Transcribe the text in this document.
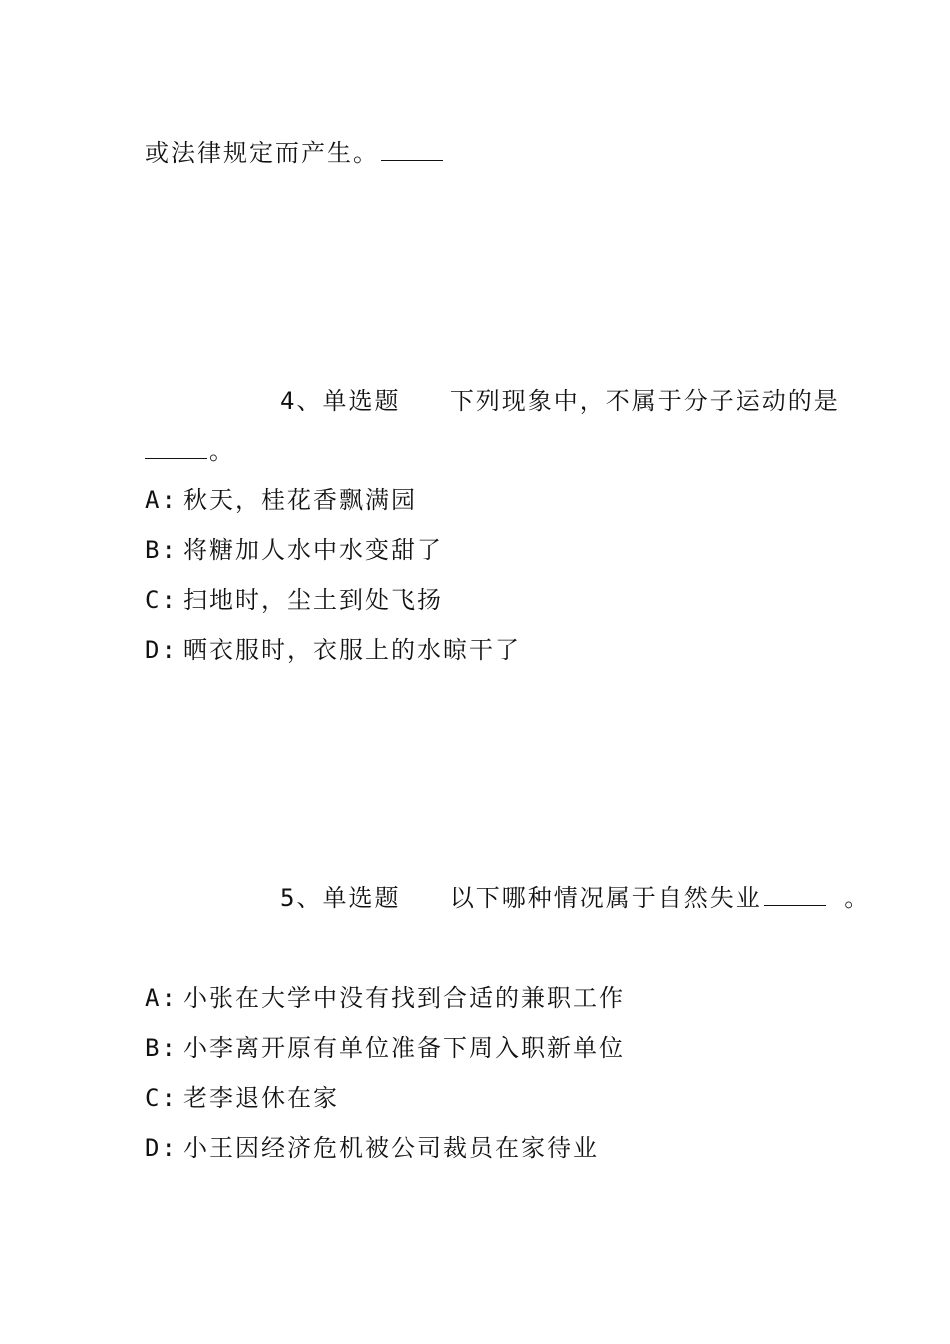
或法律规定而产生。
4、单选题 下列现象中，不属于分子运动的是
。
A: 秋天，桂花香飘满园
B: 将糖加人水中水变甜了
C: 扫地时，尘土到处飞扬
D: 晒衣服时，衣服上的水晾干了
5、单选题 以下哪种情况属于自然失业	。
A: 小张在大学中没有找到合适的兼职工作
B: 小李离开原有单位准备下周入职新单位
C: 老李退休在家
D: 小王因经济危机被公司裁员在家待业
